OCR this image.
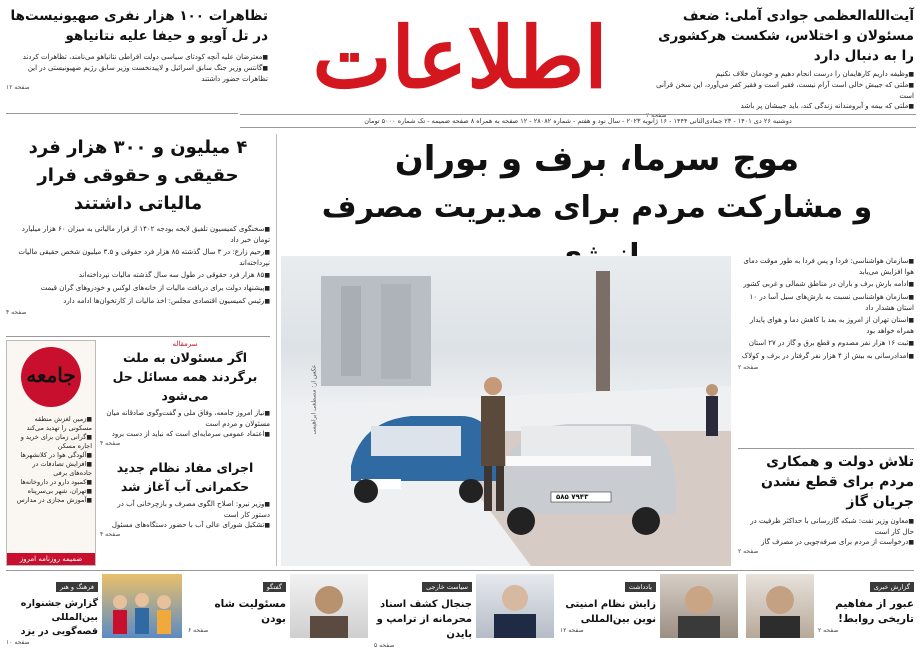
اطلاعات	آیت‌الله‌العظمی جوادی آملی: ضعف مسئولان و اختلاس، شکست هرکشوری را به دنبال دارد
■ وظیفه داریم کارهایمان را درست انجام دهیم و خودمان خلاف نکنیم
■ ملتی که جیبش خالی است آرام نیست، فقیر است و فقیر کفر می‌آورد، این سخن قرآنی است
■ ملتی که بیمه و آبرومندانه زندگی کند، باید جیبشان پر باشد
صفحه ۲
تظاهرات ۱۰۰ هزار نفری صهیونیست‌ها در تل آویو و حیفا علیه نتانیاهو
■ معترضان علیه آنچه کودتای سیاسی دولت افراطی نتانیاهو می‌نامند، تظاهرات کردند
■ گانتس وزیر جنگ سابق اسرائیل و لاپیدنخست وزیر سابق رژیم صهیونیستی در این تظاهرات حضور داشتند
صفحه ۱۲
دوشنبه ۲۶ دی ۱۴۰۱ - ۲۳ جمادی‌الثانی ۱۴۴۴ - ۱۶ ژانویه ۲۰۲۳ - سال نود و هفتم - شماره ۲۸۰۸۲ - ۱۲ صفحه به همراه ۸ صفحه ضمیمه - تک شماره ۵۰۰۰ تومان
موج سرما، برف و بوران
و مشارکت مردم برای مدیریت مصرف
۷۹۴۳ ۵۸۵
عکس از: مصطفی ابراهیمی
■ سازمان هواشناسی: فردا و پس فردا به طور موقت دمای هوا افزایش می‌یابد
■ ادامه بارش برف و باران در مناطق شمالی و غربی کشور
■ سازمان هواشناسی نسبت به بارش‌های سیل آسا در ۱۰ استان هشدار داد
■ استان تهران از امروز به بعد با کاهش دما و هوای پایدار همراه خواهد بود
■ ثبت ۱۶ هزار نفر مصدوم و قطع برق و گاز در ۲۷ استان
■ امدادرسانی به بیش از ۴ هزار نفر گرفتار در برف و کولاک
صفحه ۲
تلاش دولت و همکاری مردم برای قطع نشدن جریان گاز
■ معاون وزیر نفت: شبکه گازرسانی با حداکثر ظرفیت در حال کار است
■ درخواست از مردم برای صرفه‌جویی در مصرف گاز
صفحه ۲
۴ میلیون و ۳۰۰ هزار فرد حقیقی و حقوقی فرار مالیاتی داشتند
■ سخنگوی کمیسیون تلفیق لایحه بودجه ۱۴۰۲ از فرار مالیاتی به میزان ۶۰ هزار میلیارد تومان خبر داد
■ رحیم زارع: در ۳ سال گذشته ۸۵ هزار فرد حقوقی و ۳.۵ میلیون شخص حقیقی مالیات نپرداخته‌اند
■ ۸۵ هزار فرد حقوقی در طول سه سال گذشته مالیات نپرداخته‌اند
■ پیشنهاد دولت برای دریافت مالیات از خانه‌های لوکس و خودروهای گران قیمت
■ رئیس کمیسیون اقتصادی مجلس: اخذ مالیات از کارتخوان‌ها ادامه دارد
صفحه ۴
سرمقاله
اگر مسئولان به ملت برگردند همه مسائل حل می‌شود
■ نیاز امروز جامعه، وفاق ملی و گفت‌وگوی صادقانه میان مسئولان و مردم است
■ اعتماد عمومی سرمایه‌ای است که نباید از دست برود
صفحه ۴
اجرای مفاد نظام جدید حکمرانی آب آغاز شد
■ وزیر نیرو: اصلاح الگوی مصرف و بازچرخانی آب در دستور کار است
■ تشکیل شورای عالی آب با حضور دستگاه‌های مسئول
صفحه ۴
جامعه
■ زمین لغزش منطقه مسکونی را تهدید می‌کند
■ گرانی زمان برای خرید و اجاره مسکن
■ آلودگی هوا در کلانشهرها
■ افزایش تصادفات در جاده‌های برفی
■ کمبود دارو در داروخانه‌ها
■ تهران، شهر بی‌سرپناه
■ آموزش مجازی در مدارس
ضمیمه روزنامه امروز
گزارش خبری
عبور از مفاهیم تاریخی روابط!
صفحه ۲
یادداشت
زایش نظام امنیتی نوین بین‌المللی
صفحه ۱۲
سیاست خارجی
جنجال کشف اسناد محرمانه از ترامپ و بایدن
صفحه ۵
گفتگو
مسئولیت شاه بودن
صفحه ۶
فرهنگ و هنر
گزارش جشنواره بین‌المللی قصه‌گویی در یزد
صفحه ۱۰
